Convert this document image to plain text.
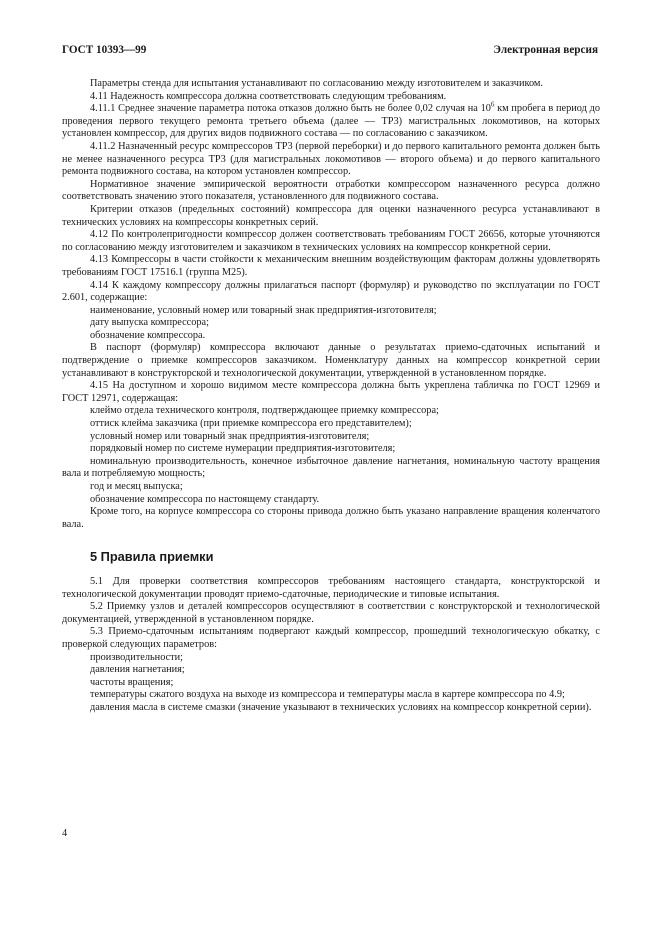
ГОСТ 10393—99	Электронная версия

Параметры стенда для испытания устанавливают по согласованию между изготовителем и заказчиком.

4.11 Надежность компрессора должна соответствовать следующим требованиям.

4.11.1 Среднее значение параметра потока отказов должно быть не более 0,02 случая на $10^6$ км пробега в период до проведения первого текущего ремонта третьего объема (далее — ТР3) магистральных локомотивов, на которых установлен компрессор, для других видов подвижного состава — по согласованию с заказчиком.

4.11.2 Назначенный ресурс компрессоров ТР3 (первой переборки) и до первого капитального ремонта должен быть не менее назначенного ресурса ТР3 (для магистральных локомотивов — второго объема) и до первого капитального ремонта подвижного состава, на котором установлен компрессор.

Нормативное значение эмпирической вероятности отработки компрессором назначенного ресурса должно соответствовать значению этого показателя, установленного для подвижного состава.

Критерии отказов (предельных состояний) компрессора для оценки назначенного ресурса устанавливают в технических условиях на компрессоры конкретных серий.

4.12 По контролепригодности компрессор должен соответствовать требованиям ГОСТ 26656, которые уточняются по согласованию между изготовителем и заказчиком в технических условиях на компрессор конкретной серии.

4.13 Компрессоры в части стойкости к механическим внешним воздействующим факторам должны удовлетворять требованиям ГОСТ 17516.1 (группа М25).

4.14 К каждому компрессору должны прилагаться паспорт (формуляр) и руководство по эксплуатации по ГОСТ 2.601, содержащие:

наименование, условный номер или товарный знак предприятия-изготовителя;

дату выпуска компрессора;

обозначение компрессора.

В паспорт (формуляр) компрессора включают данные о результатах приемо-сдаточных испытаний и подтверждение о приемке компрессоров заказчиком. Номенклатуру данных на компрессор конкретной серии устанавливают в конструкторской и технологической документации, утвержденной в установленном порядке.

4.15 На доступном и хорошо видимом месте компрессора должна быть укреплена табличка по ГОСТ 12969 и ГОСТ 12971, содержащая:

клеймо отдела технического контроля, подтверждающее приемку компрессора;

оттиск клейма заказчика (при приемке компрессора его представителем);

условный номер или товарный знак предприятия-изготовителя;

порядковый номер по системе нумерации предприятия-изготовителя;

номинальную производительность, конечное избыточное давление нагнетания, номинальную частоту вращения вала и потребляемую мощность;

год и месяц выпуска;

обозначение компрессора по настоящему стандарту.

Кроме того, на корпусе компрессора со стороны привода должно быть указано направление вращения коленчатого вала.

5 Правила приемки

5.1 Для проверки соответствия компрессоров требованиям настоящего стандарта, конструкторской и технологической документации проводят приемо-сдаточные, периодические и типовые испытания.

5.2 Приемку узлов и деталей компрессоров осуществляют в соответствии с конструкторской и технологической документацией, утвержденной в установленном порядке.

5.3 Приемо-сдаточным испытаниям подвергают каждый компрессор, прошедший технологическую обкатку, с проверкой следующих параметров:

производительности;

давления нагнетания;

частоты вращения;

температуры сжатого воздуха на выходе из компрессора и температуры масла в картере компрессора по 4.9;

давления масла в системе смазки (значение указывают в технических условиях на компрессор конкретной серии).

4
